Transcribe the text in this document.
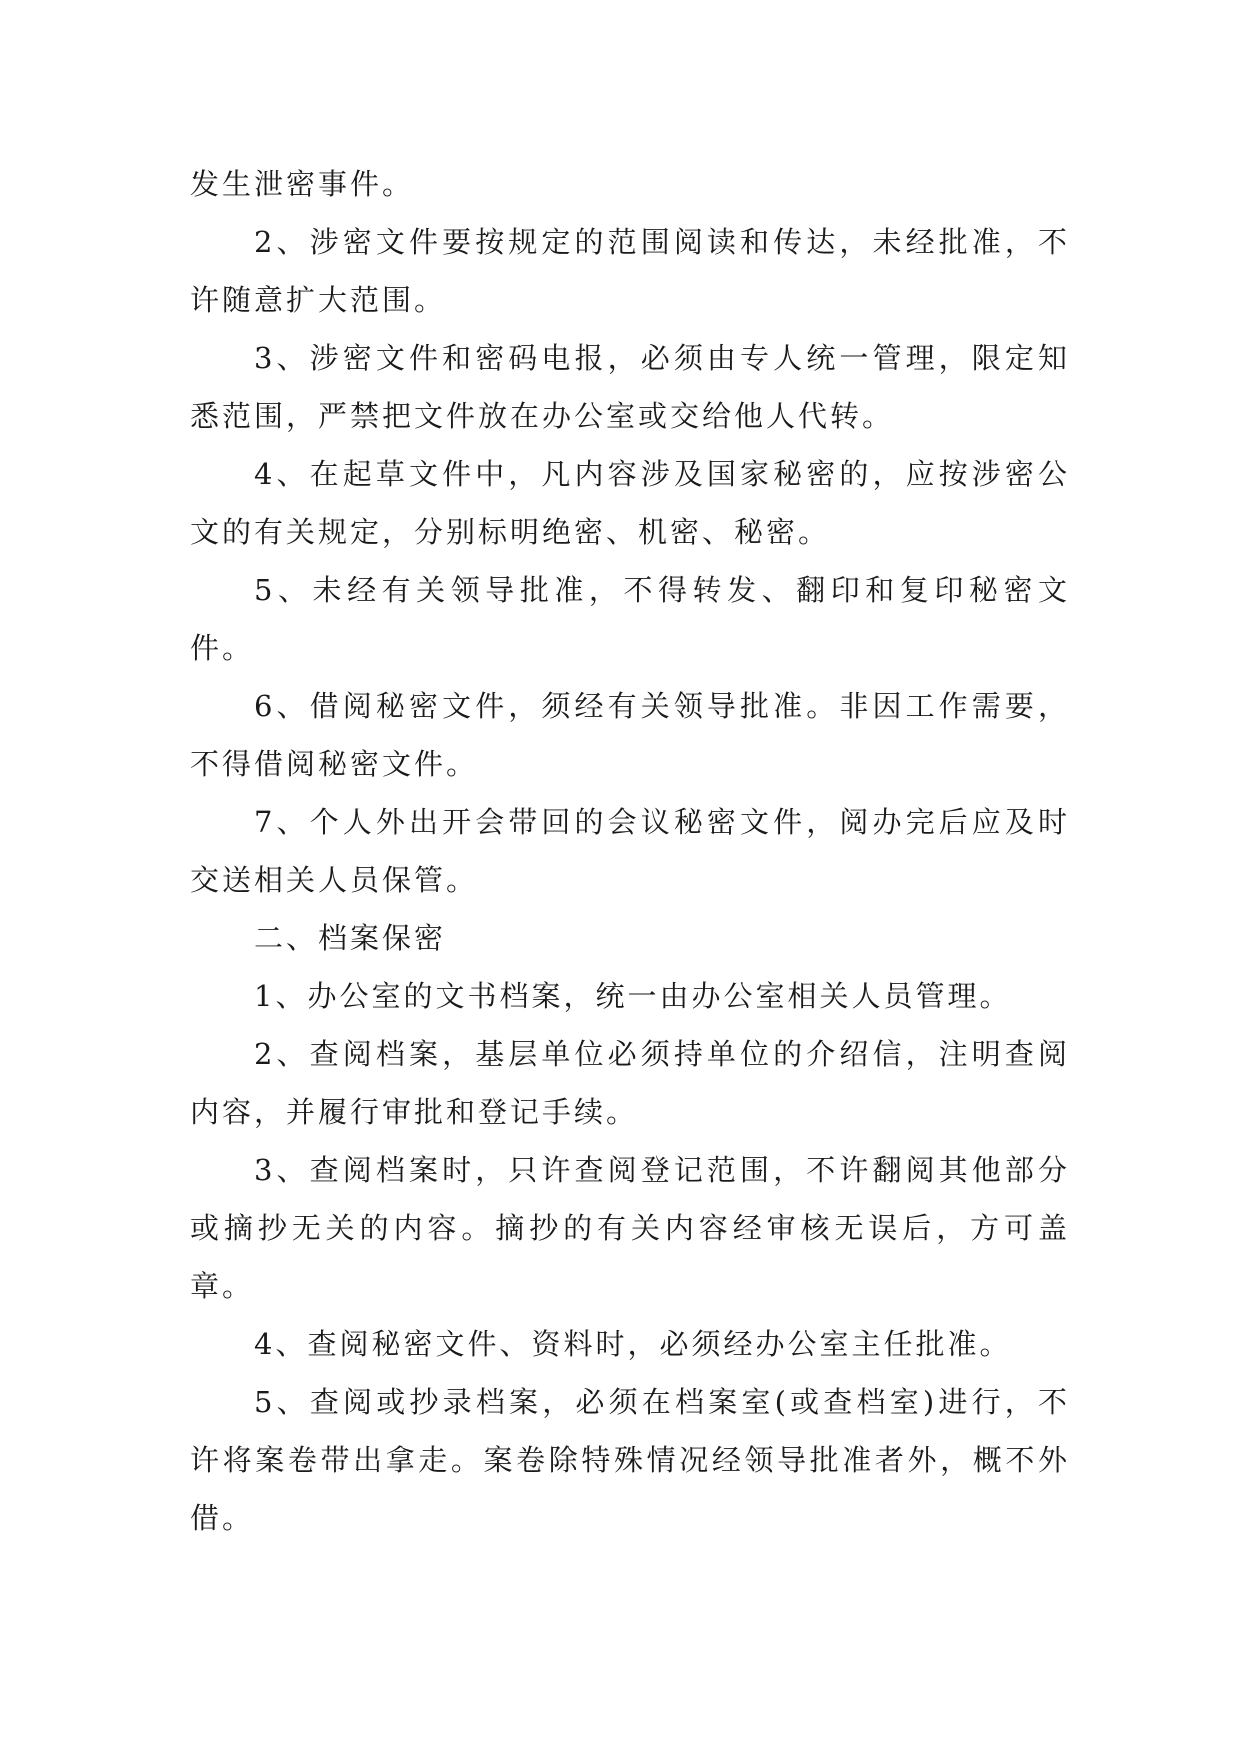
发生泄密事件。

2、涉密文件要按规定的范围阅读和传达，未经批准，不许随意扩大范围。

3、涉密文件和密码电报，必须由专人统一管理，限定知悉范围，严禁把文件放在办公室或交给他人代转。

4、在起草文件中，凡内容涉及国家秘密的，应按涉密公文的有关规定，分别标明绝密、机密、秘密。

5、未经有关领导批准，不得转发、翻印和复印秘密文件。

6、借阅秘密文件，须经有关领导批准。非因工作需要，不得借阅秘密文件。

7、个人外出开会带回的会议秘密文件，阅办完后应及时交送相关人员保管。

二、档案保密

1、办公室的文书档案，统一由办公室相关人员管理。

2、查阅档案，基层单位必须持单位的介绍信，注明查阅内容，并履行审批和登记手续。

3、查阅档案时，只许查阅登记范围，不许翻阅其他部分或摘抄无关的内容。摘抄的有关内容经审核无误后，方可盖章。

4、查阅秘密文件、资料时，必须经办公室主任批准。

5、查阅或抄录档案，必须在档案室(或查档室)进行，不许将案卷带出拿走。案卷除特殊情况经领导批准者外，概不外借。
